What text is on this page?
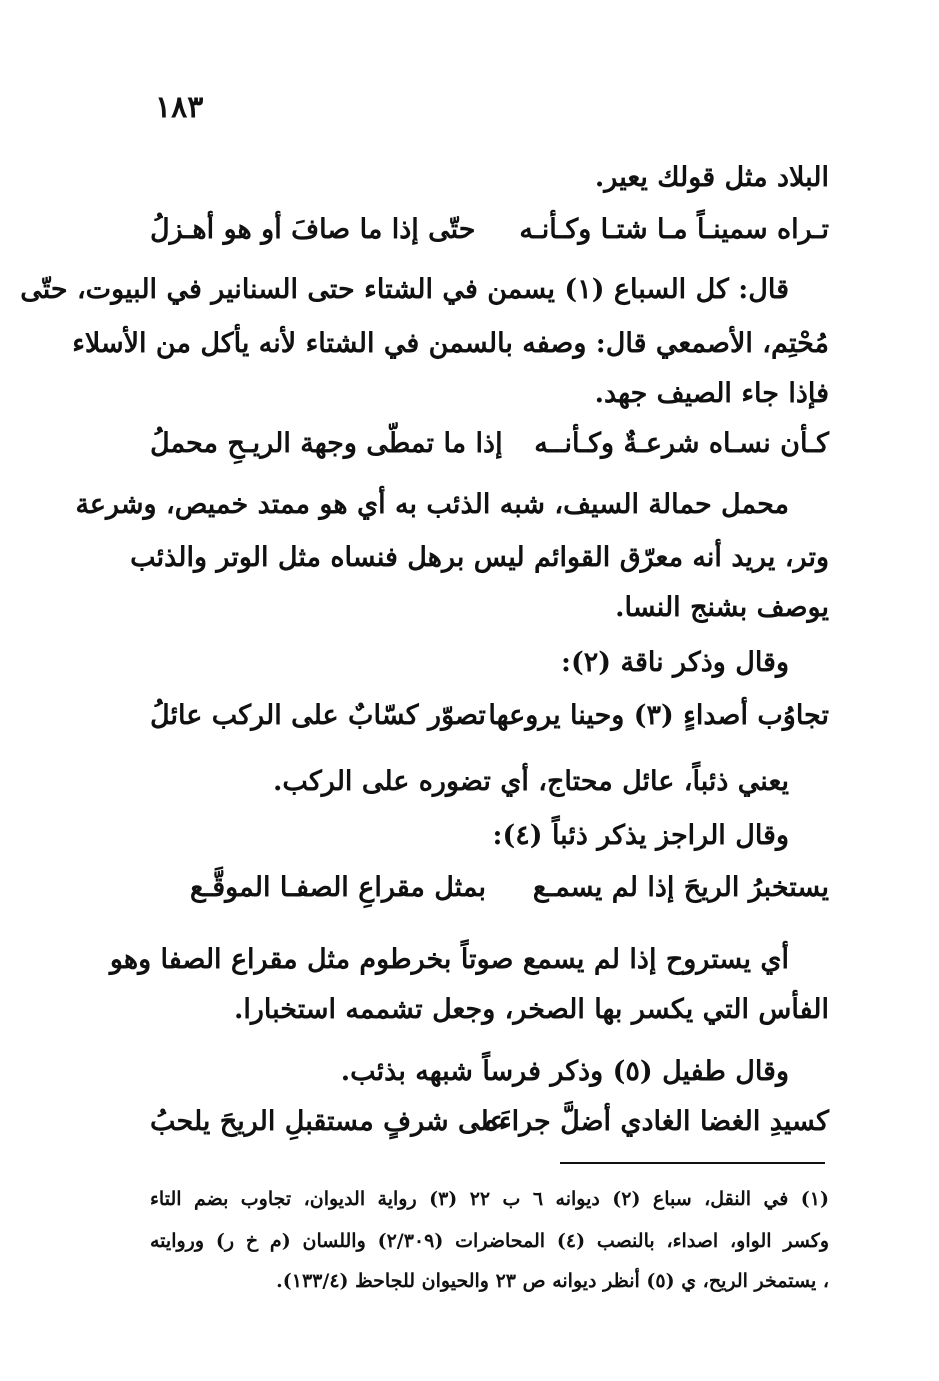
١٨٣
البلاد مثل قولك يعير.
تـراه سمينـاً مـا شتـا وكـأنـه
حتّى إذا ما صافَ أو هو أهـزلُ
قال: كل السباع (١) يسمن في الشتاء حتى السنانير في البيوت، حتّى
مُحْتِم، الأصمعي قال: وصفه بالسمن في الشتاء لأنه يأكل من الأسلاء
فإذا جاء الصيف جهد.
كـأن نسـاه شرعـةٌ وكـأنــه
إذا ما تمطّى وجهة الريـحِ محملُ
محمل حمالة السيف، شبه الذئب به أي هو ممتد خميص، وشرعة
وتر، يريد أنه معرّق القوائم ليس برهل فنساه مثل الوتر والذئب
يوصف بشنج النسا.
وقال وذكر ناقة (٢):
تجاوُب أصداءٍ (٣) وحينا يروعها
تصوّر كسّابٌ على الركب عائلُ
يعني ذئباً، عائل محتاج، أي تضوره على الركب.
وقال الراجز يذكر ذئباً (٤):
يستخبرُ الريحَ إذا لم يسمـع
بمثل مقراعِ الصفـا الموقَّـع
أي يستروح إذا لم يسمع صوتاً بخرطوم مثل مقراع الصفا وهو
الفأس التي يكسر بها الصخر، وجعل تشممه استخبارا.
وقال طفيل (٥) وذكر فرساً شبهه بذئب.
كسيدِ الغضا الغادي أضلَّ جراءَه
على شرفٍ مستقبلِ الريحَ يلحبُ
(١) في النقل، سباع (٢) ديوانه ٦ ب ٢٢ (٣) رواية الديوان، تجاوب بضم التاء
وكسر الواو، اصداء، بالنصب (٤) المحاضرات (٢/٣٠٩) واللسان (م خ ر) وروايته
، يستمخر الريح، ي (٥) أنظر ديوانه ص ٢٣ والحيوان للجاحظ (١٣٣/٤).
